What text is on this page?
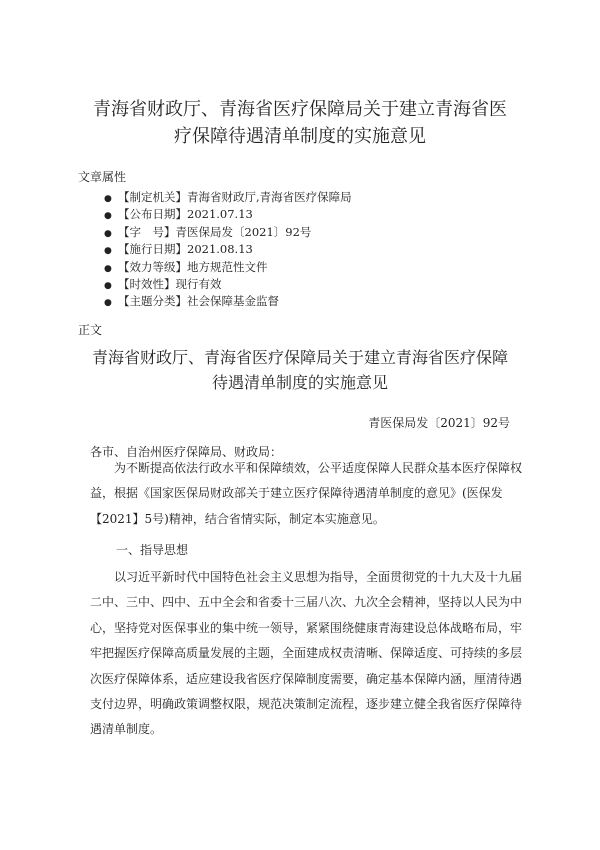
青海省财政厅、青海省医疗保障局关于建立青海省医
疗保障待遇清单制度的实施意见
文章属性
● 【制定机关】青海省财政厅,青海省医疗保障局
● 【公布日期】2021.07.13
● 【字　号】青医保局发〔2021〕92号
● 【施行日期】2021.08.13
● 【效力等级】地方规范性文件
● 【时效性】现行有效
● 【主题分类】社会保障基金监督
正文
青海省财政厅、青海省医疗保障局关于建立青海省医疗保障
待遇清单制度的实施意见
青医保局发〔2021〕92号
各市、自治州医疗保障局、财政局：
　　为不断提高依法行政水平和保障绩效，公平适度保障人民群众基本医疗保障权
益，根据《国家医保局财政部关于建立医疗保障待遇清单制度的意见》(医保发
【2021】5号)精神，结合省情实际，制定本实施意见。
一、指导思想
　　以习近平新时代中国特色社会主义思想为指导，全面贯彻党的十九大及十九届
二中、三中、四中、五中全会和省委十三届八次、九次全会精神，坚持以人民为中
心，坚持党对医保事业的集中统一领导，紧紧围绕健康青海建设总体战略布局，牢
牢把握医疗保障高质量发展的主题，全面建成权责清晰、保障适度、可持续的多层
次医疗保障体系，适应建设我省医疗保障制度需要，确定基本保障内涵，厘清待遇
支付边界，明确政策调整权限，规范决策制定流程，逐步建立健全我省医疗保障待
遇清单制度。
